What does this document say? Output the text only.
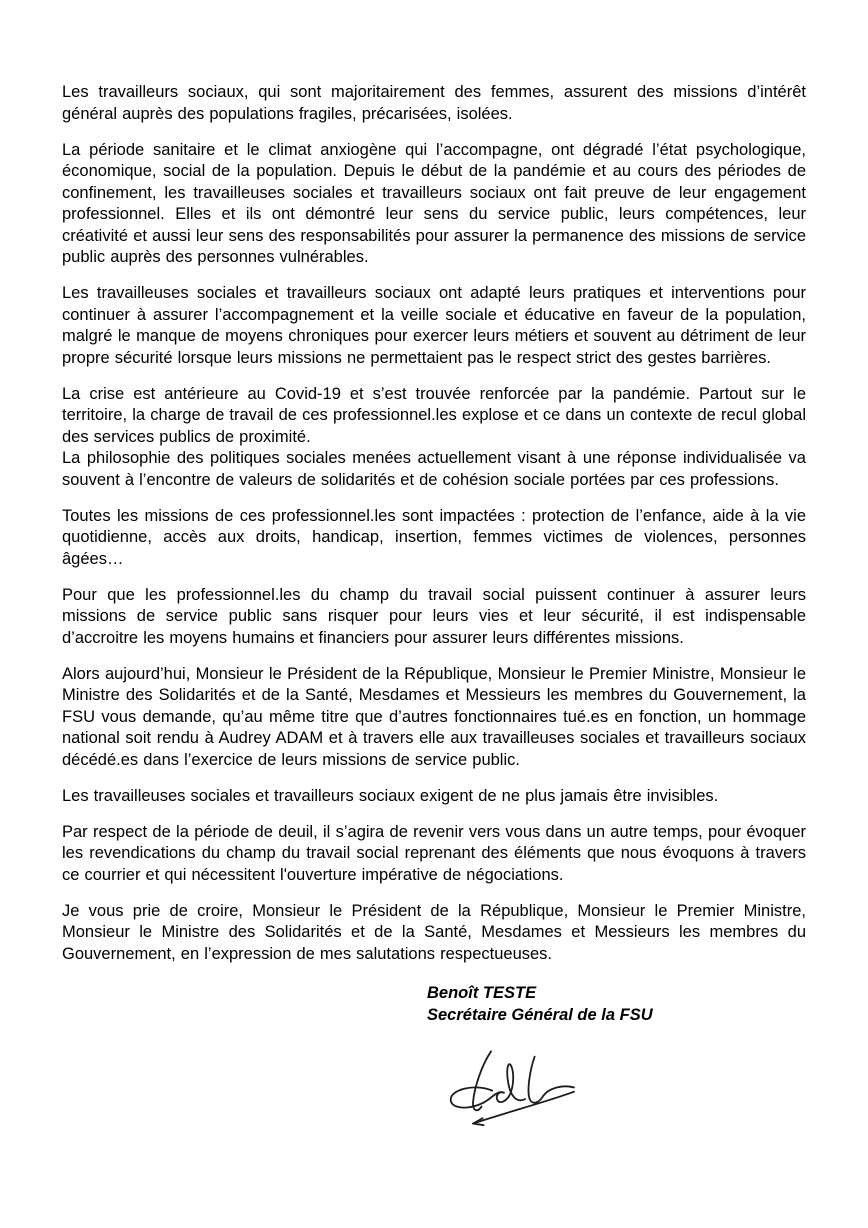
Les travailleurs sociaux, qui sont majoritairement des femmes, assurent des missions d’intérêt général auprès des populations fragiles, précarisées, isolées.

La période sanitaire et le climat anxiogène qui l’accompagne, ont dégradé l’état psychologique, économique, social de la population. Depuis le début de la pandémie et au cours des périodes de confinement, les travailleuses sociales et travailleurs sociaux ont fait preuve de leur engagement professionnel. Elles et ils ont démontré leur sens du service public, leurs compétences, leur créativité et aussi leur sens des responsabilités pour assurer la permanence des missions de service public auprès des personnes vulnérables.

Les travailleuses sociales et travailleurs sociaux ont adapté leurs pratiques et interventions pour continuer à assurer l’accompagnement et la veille sociale et éducative en faveur de la population, malgré le manque de moyens chroniques pour exercer leurs métiers et souvent au détriment de leur propre sécurité lorsque leurs missions ne permettaient pas le respect strict des gestes barrières.

La crise est antérieure au Covid-19 et s’est trouvée renforcée par la pandémie. Partout sur le territoire, la charge de travail de ces professionnel.les explose et ce dans un contexte de recul global des services publics de proximité.

La philosophie des politiques sociales menées actuellement visant à une réponse individualisée va souvent à l’encontre de valeurs de solidarités et de cohésion sociale portées par ces professions.

Toutes les missions de ces professionnel.les sont impactées : protection de l’enfance, aide à la vie quotidienne, accès aux droits, handicap, insertion, femmes victimes de violences, personnes âgées…

Pour que les professionnel.les du champ du travail social puissent continuer à assurer leurs missions de service public sans risquer pour leurs vies et leur sécurité, il est indispensable d’accroitre les moyens humains et financiers pour assurer leurs différentes missions.

Alors aujourd’hui, Monsieur le Président de la République, Monsieur le Premier Ministre, Monsieur le Ministre des Solidarités et de la Santé, Mesdames et Messieurs les membres du Gouvernement, la FSU vous demande, qu’au même titre que d’autres fonctionnaires tué.es en fonction, un hommage national soit rendu à Audrey ADAM et à travers elle aux travailleuses sociales et travailleurs sociaux décédé.es dans l’exercice de leurs missions de service public.

Les travailleuses sociales et travailleurs sociaux exigent de ne plus jamais être invisibles.

Par respect de la période de deuil, il s’agira de revenir vers vous dans un autre temps, pour évoquer les revendications du champ du travail social reprenant des éléments que nous évoquons à travers ce courrier et qui nécessitent l'ouverture impérative de négociations.

Je vous prie de croire, Monsieur le Président de la République, Monsieur le Premier Ministre, Monsieur le Ministre des Solidarités et de la Santé, Mesdames et Messieurs les membres du Gouvernement, en l’expression de mes salutations respectueuses.

Benoît TESTE
Secrétaire Général de la FSU
